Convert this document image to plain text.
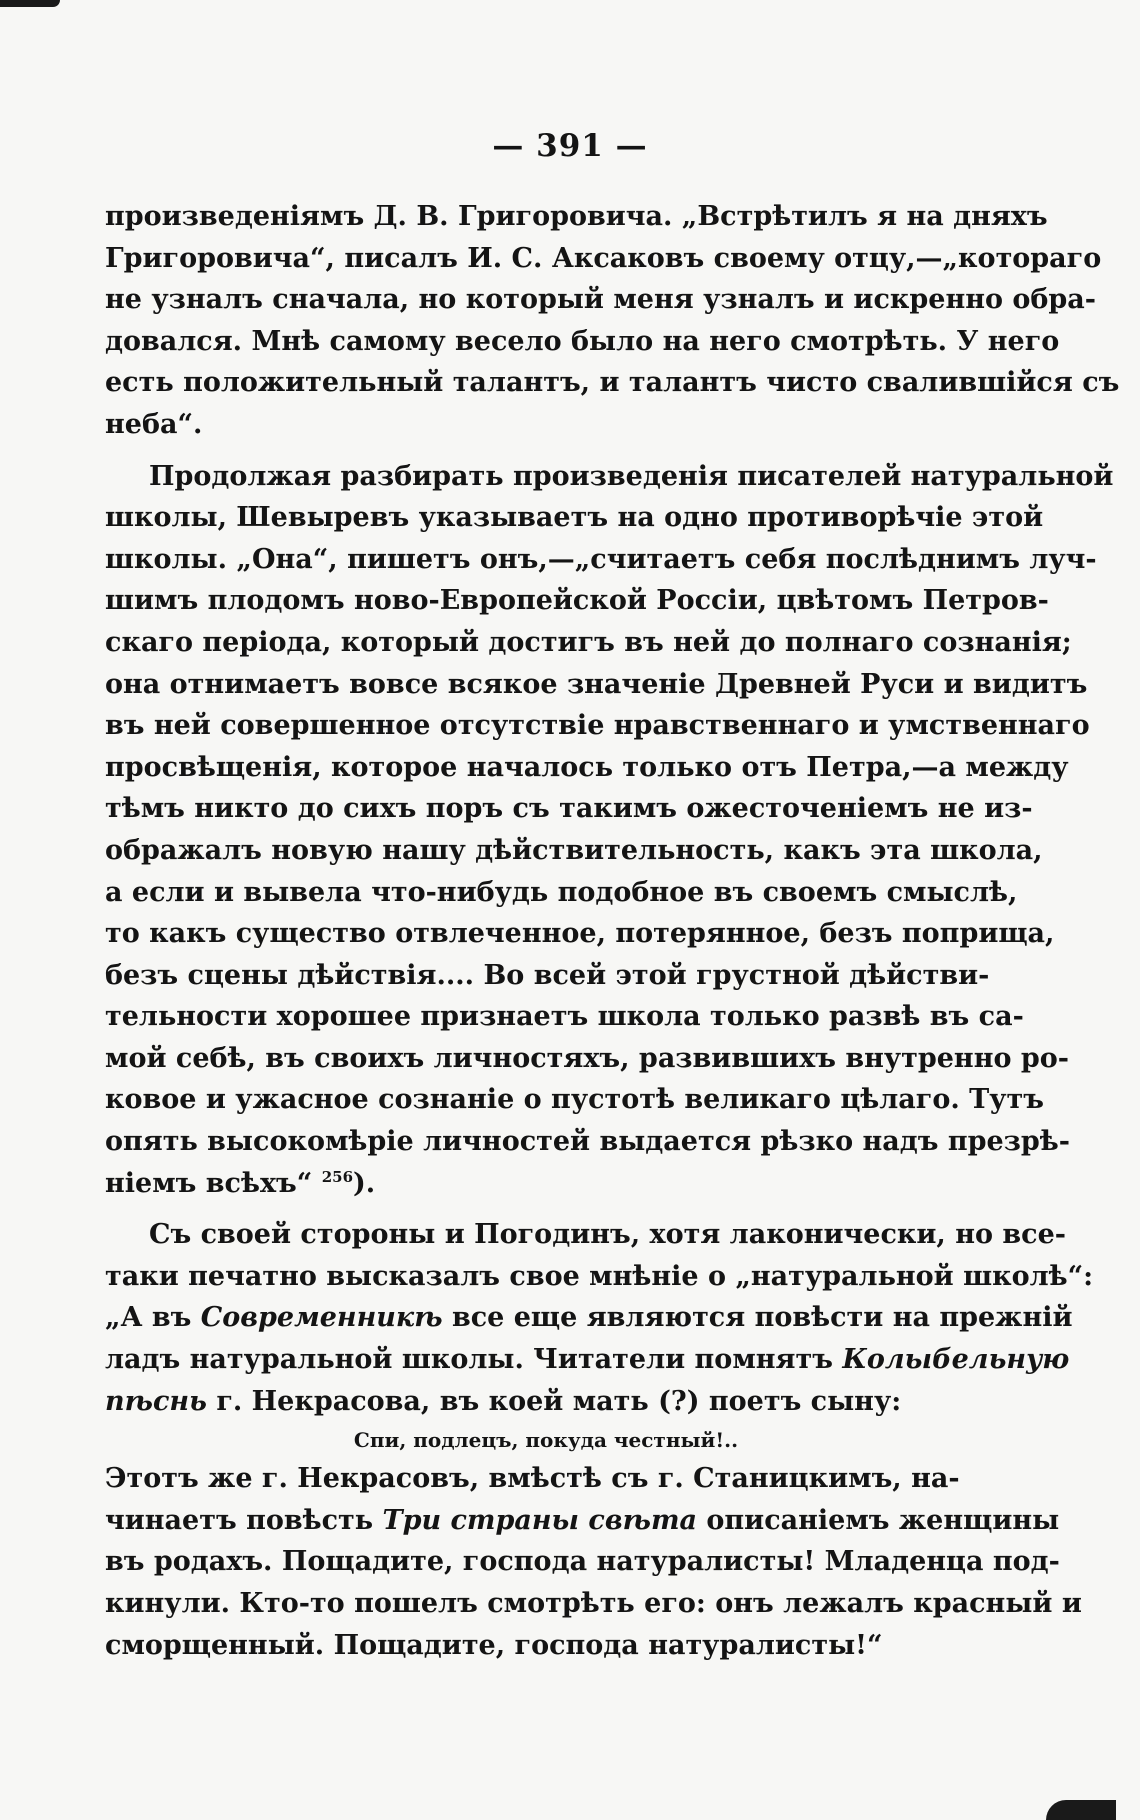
— 391 —
произведеніямъ Д. В. Григоровича. „Встрѣтилъ я на дняхъ
Григоровича“, писалъ И. С. Аксаковъ своему отцу,—„котораго
не узналъ сначала, но который меня узналъ и искренно обра-
довался. Мнѣ самому весело было на него смотрѣть. У него
есть положительный талантъ, и талантъ чисто свалившійся съ
неба“.
Продолжая разбирать произведенія писателей натуральной
школы, Шевыревъ указываетъ на одно противорѣчіе этой
школы. „Она“, пишетъ онъ,—„считаетъ себя послѣднимъ луч-
шимъ плодомъ ново-Европейской Россіи, цвѣтомъ Петров-
скаго періода, который достигъ въ ней до полнаго сознанія;
она отнимаетъ вовсе всякое значеніе Древней Руси и видитъ
въ ней совершенное отсутствіе нравственнаго и умственнаго
просвѣщенія, которое началось только отъ Петра,—а между
тѣмъ никто до сихъ поръ съ такимъ ожесточеніемъ не из-
ображалъ новую нашу дѣйствительность, какъ эта школа,
а если и вывела что-нибудь подобное въ своемъ смыслѣ,
то какъ существо отвлеченное, потерянное, безъ поприща,
безъ сцены дѣйствія.... Во всей этой грустной дѣйстви-
тельности хорошее признаетъ школа только развѣ въ са-
мой себѣ, въ своихъ личностяхъ, развившихъ внутренно ро-
ковое и ужасное сознаніе о пустотѣ великаго цѣлаго. Тутъ
опять высокомѣріе личностей выдается рѣзко надъ презрѣ-
ніемъ всѣхъ“ $^{256}$).
Съ своей стороны и Погодинъ, хотя лаконически, но все-
таки печатно высказалъ свое мнѣніе о „натуральной школѣ“:
„А въ Современникѣ все еще являются повѣсти на прежній
ладъ натуральной школы. Читатели помнятъ Колыбельную
пѣснь г. Некрасова, въ коей мать (?) поетъ сыну:
Спи, подлецъ, покуда честный!..
Этотъ же г. Некрасовъ, вмѣстѣ съ г. Станицкимъ, на-
чинаетъ повѣсть Три страны свѣта описаніемъ женщины
въ родахъ. Пощадите, господа натуралисты! Младенца под-
кинули. Кто-то пошелъ смотрѣть его: онъ лежалъ красный и
сморщенный. Пощадите, господа натуралисты!“
